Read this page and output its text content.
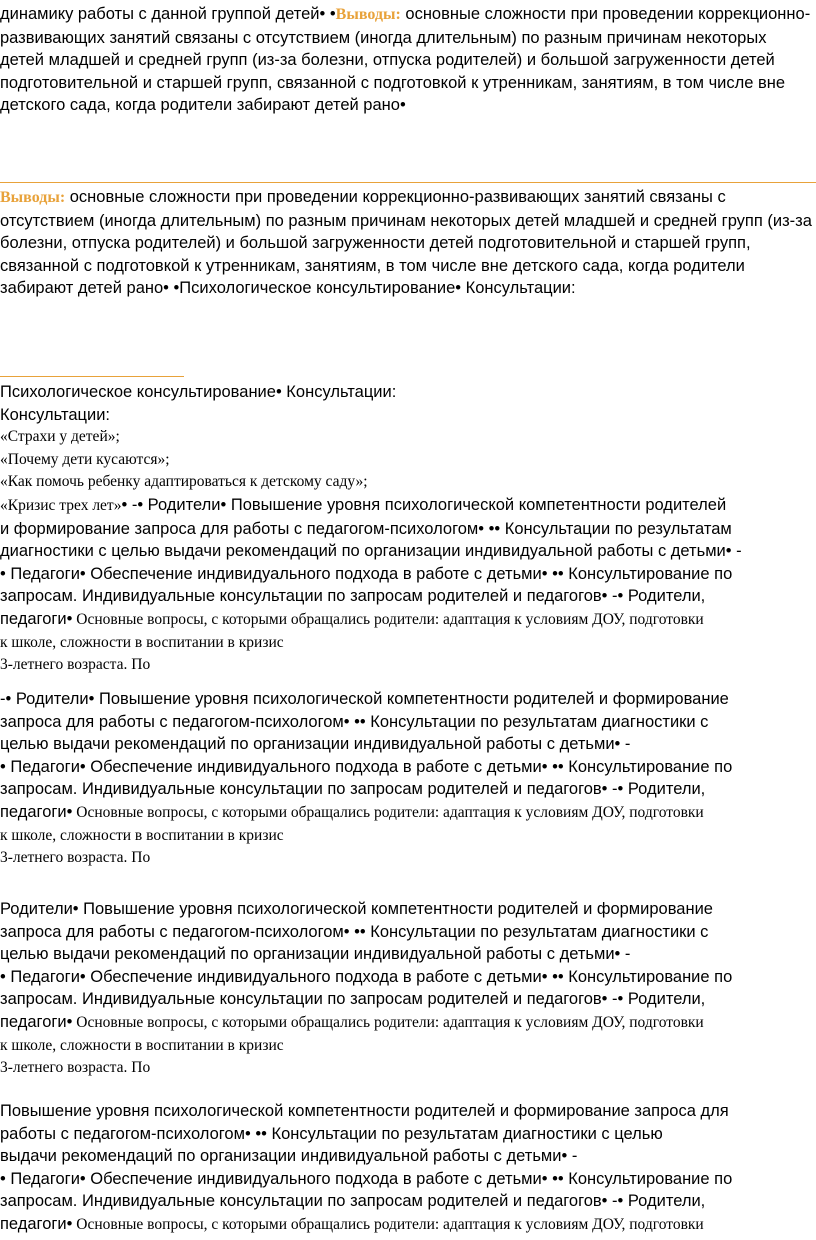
динамику работы с данной группой детей• •Выводы: основные сложности при проведении коррекционно-развивающих занятий связаны с отсутствием (иногда длительным) по разным причинам некоторых детей младшей и средней групп (из-за болезни, отпуска родителей) и большой загруженности детей подготовительной и старшей групп, связанной с подготовкой к утренникам, занятиям, в том числе вне детского сада, когда родители забирают детей рано•
Выводы: основные сложности при проведении коррекционно-развивающих занятий связаны с отсутствием (иногда длительным) по разным причинам некоторых детей младшей и средней групп (из-за болезни, отпуска родителей) и большой загруженности детей подготовительной и старшей групп, связанной с подготовкой к утренникам, занятиям, в том числе вне детского сада, когда родители забирают детей рано• •Психологическое консультирование• Консультации:
Психологическое консультирование• Консультации:
Консультации:
«Страхи у детей»;
«Почему дети кусаются»;
«Как помочь ребенку адаптироваться к детскому саду»;
«Кризис трех лет»• -• Родители• Повышение уровня психологической компетентности родителей
и формирование запроса для работы с педагогом-психологом• •• Консультации по результатам
диагностики с целью выдачи рекомендаций по организации индивидуальной работы с детьми• -
• Педагоги• Обеспечение индивидуального подхода в работе с детьми• •• Консультирование по
запросам. Индивидуальные консультации по запросам родителей и педагогов• -• Родители,
педагоги• Основные вопросы, с которыми обращались родители: адаптация к условиям ДОУ, подготовки
к школе, сложности в воспитании в кризис
3-летнего возраста. По
-• Родители• Повышение уровня психологической компетентности родителей и формирование
запроса для работы с педагогом-психологом• •• Консультации по результатам диагностики с
целью выдачи рекомендаций по организации индивидуальной работы с детьми• -
• Педагоги• Обеспечение индивидуального подхода в работе с детьми• •• Консультирование по
запросам. Индивидуальные консультации по запросам родителей и педагогов• -• Родители,
педагоги• Основные вопросы, с которыми обращались родители: адаптация к условиям ДОУ, подготовки
к школе, сложности в воспитании в кризис
3-летнего возраста. По
Родители• Повышение уровня психологической компетентности родителей и формирование
запроса для работы с педагогом-психологом• •• Консультации по результатам диагностики с
целью выдачи рекомендаций по организации индивидуальной работы с детьми• -
• Педагоги• Обеспечение индивидуального подхода в работе с детьми• •• Консультирование по
запросам. Индивидуальные консультации по запросам родителей и педагогов• -• Родители,
педагоги• Основные вопросы, с которыми обращались родители: адаптация к условиям ДОУ, подготовки
к школе, сложности в воспитании в кризис
3-летнего возраста. По
Повышение уровня психологической компетентности родителей и формирование запроса для
работы с педагогом-психологом• •• Консультации по результатам диагностики с целью
выдачи рекомендаций по организации индивидуальной работы с детьми• -
• Педагоги• Обеспечение индивидуального подхода в работе с детьми• •• Консультирование по
запросам. Индивидуальные консультации по запросам родителей и педагогов• -• Родители,
педагоги• Основные вопросы, с которыми обращались родители: адаптация к условиям ДОУ, подготовки
